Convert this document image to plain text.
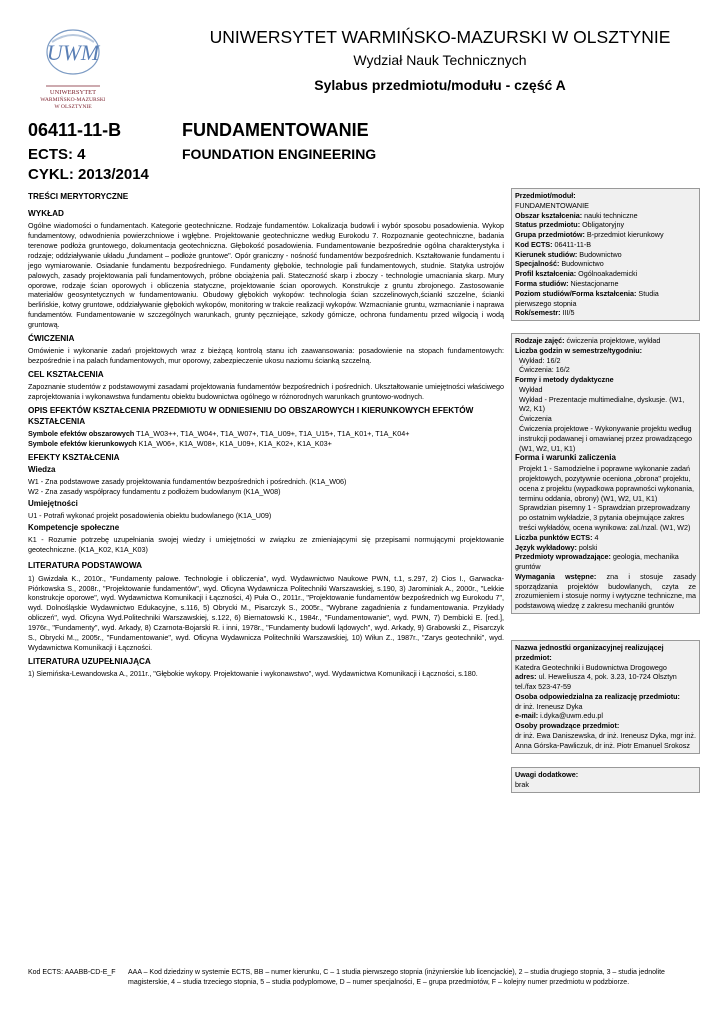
UWM
UNIWERSYTET
WARMIŃSKO-MAZURSKI
W OLSZTYNIE
UNIWERSYTET WARMIŃSKO-MAZURSKI W OLSZTYNIE
Wydział Nauk Technicznych
Sylabus przedmiotu/modułu - część A
06411-11-B
ECTS: 4
CYKL: 2013/2014
FUNDAMENTOWANIE
FOUNDATION ENGINEERING
TREŚCI MERYTORYCZNE
WYKŁAD

Ogólne wiadomości o fundamentach. Kategorie geotechniczne. Rodzaje fundamentów. Lokalizacja budowli i wybór sposobu posadowienia. Wykop fundamentowy, odwodnienia powierzchniowe i wgłębne. Projektowanie geotechniczne według Eurokodu 7. Rozpoznanie geotechniczne, badania terenowe podłoża gruntowego, dokumentacja geotechniczna. Głębokość posadowienia. Fundamentowanie bezpośrednie ogólna charakterystyka i rodzaje; oddziaływanie układu „fundament – podłoże gruntowe". Opór graniczny - nośność fundamentów bezpośrednich. Kształtowanie fundamentu i jego wymiarowanie. Osiadanie fundamentu bezpośredniego. Fundamenty głębokie, technologie pali fundamentowych, studnie. Statyka ustrojów palowych, zasady projektowania pali fundamentowych, próbne obciążenia pali. Stateczność skarp i zboczy - technologie umacniania skarp. Mury oporowe, rodzaje ścian oporowych i obliczenia statyczne, projektowanie ścian oporowych. Konstrukcje z gruntu zbrojonego. Zastosowanie materiałów geosyntetycznych w fundamentowaniu. Obudowy głębokich wykopów: technologia ścian szczelinowych,ścianki szczelne, ścianki berlińskie, kotwy gruntowe, oddziaływanie głębokich wykopów, monitoring w trakcie realizacji wykopów. Wzmacnianie gruntu, wzmacnianie i naprawa fundamentów. Fundamentowanie w szczególnych warunkach, grunty pęczniejące, szkody górnicze, ochrona fundamentu przed wilgocią i wodą gruntową.

ĆWICZENIA

Omówienie i wykonanie zadań projektowych wraz z bieżącą kontrolą stanu ich zaawansowania: posadowienie na stopach fundamentowych: bezpośrednie i na palach fundamentowych, mur oporowy, zabezpieczenie ukosu naziomu ścianką szczelną.

CEL KSZTAŁCENIA

Zapoznanie studentów z podstawowymi zasadami projektowania fundamentów bezpośrednich i pośrednich. Ukształtowanie umiejętności właściwego zaprojektowania i wykonawstwa fundamentu obiektu budownictwa ogólnego w różnorodnych warunkach gruntowo-wodnych.

OPIS EFEKTÓW KSZTAŁCENIA PRZEDMIOTU W ODNIESIENIU DO OBSZAROWYCH I KIERUNKOWYCH EFEKTÓW KSZTAŁCENIA
Symbole efektów obszarowych T1A_W03++, T1A_W04+, T1A_W07+, T1A_U09+, T1A_U15+, T1A_K01+, T1A_K04+
Symbole efektów kierunkowych K1A_W06+, K1A_W08+, K1A_U09+, K1A_K02+, K1A_K03+
EFEKTY KSZTAŁCENIA
Wiedza
W1 - Zna podstawowe zasady projektowania fundamentów bezpośrednich i pośrednich. (K1A_W06)
W2 - Zna zasady współpracy fundamentu z podłożem budowlanym (K1A_W08)
Umiejętności
U1 - Potrafi wykonać projekt posadowienia obiektu budowlanego (K1A_U09)
Kompetencje społeczne

K1 - Rozumie potrzebę uzupełniania swojej wiedzy i umiejętności w związku ze zmieniającymi się przepisami normującymi projektowanie geotechniczne. (K1A_K02, K1A_K03)

LITERATURA PODSTAWOWA

1) Gwizdała K., 2010r., "Fundamenty palowe. Technologie i obliczenia", wyd. Wydawnictwo Naukowe PWN, t.1, s.297, 2) Cios I., Garwacka-Piórkowska S., 2008r., "Projektowanie fundamentów", wyd. Oficyna Wydawnicza Politechniki Warszawskiej, s.190, 3) Jarominiak A., 2000r., "Lekkie konstrukcje oporowe", wyd. Wydawnictwa Komunikacji i Łączności, 4) Puła O., 2011r., "Projektowanie fundamentów bezpośrednich wg Eurokodu 7", wyd. Dolnośląskie Wydawnictwo Edukacyjne, s.116, 5) Obrycki M., Pisarczyk S., 2005r., "Wybrane zagadnienia z fundamentowania. Przykłady obliczeń", wyd. Oficyna Wyd.Politechniki Warszawskiej, s.122, 6) Biernatowski K., 1984r., "Fundamentowanie", wyd. PWN, 7) Dembicki E. [red.], 1976r., "Fundamenty", wyd. Arkady, 8) Czarnota-Bojarski R. i inni, 1978r., "Fundamenty budowli lądowych", wyd. Arkady, 9) Grabowski Z., Pisarczyk S., Obrycki M.,, 2005r., "Fundamentowanie", wyd. Oficyna Wydawnicza Politechniki Warszawskiej, 10) Wiłun Z., 1987r., "Zarys geotechniki", wyd. Wydawnictwa Komunikacji i Łączności.

LITERATURA UZUPEŁNIAJĄCA

1) Siemińska-Lewandowska A., 2011r., "Głębokie wykopy. Projektowanie i wykonawstwo", wyd. Wydawnictwa Komunikacji i Łączności, s.180.

Przedmiot/moduł:
FUNDAMENTOWANIE
Obszar kształcenia: nauki techniczne
Status przedmiotu: Obligatoryjny
Grupa przedmiotów: B-przedmiot kierunkowy
Kod ECTS: 06411-11-B
Kierunek studiów: Budownictwo
Specjalność: Budownictwo
Profil kształcenia: Ogólnoakademicki
Forma studiów: Niestacjonarne
Poziom studiów/Forma kształcenia: Studia pierwszego stopnia
Rok/semestr: III/5
Rodzaje zajęć: ćwiczenia projektowe, wykład
Liczba godzin w semestrze/tygodniu:
Wykład: 16/2
Ćwiczenia: 16/2
Formy i metody dydaktyczne
Wykład
Wykład - Prezentacje multimedialne, dyskusje. (W1, W2, K1)
Ćwiczenia
Ćwiczenia projektowe - Wykonywanie projektu według instrukcji podawanej i omawianej przez prowadzącego (W1, W2, U1, K1)
Forma i warunki zaliczenia
Projekt 1 - Samodzielne i poprawne wykonanie zadań projektowych, pozytywnie oceniona „obrona" projektu, ocena z projektu (wypadkowa poprawności wykonania, terminu oddania, obrony) (W1, W2, U1, K1)
Sprawdzian pisemny 1 - Sprawdzian przeprowadzany po ostatnim wykładzie, 3 pytania obejmujące zakres treści wykładów, ocena wynikowa: zal./nzal. (W1, W2)
Liczba punktów ECTS: 4
Język wykładowy: polski
Przedmioty wprowadzające: geologia, mechanika gruntów
Wymagania wstępne: zna i stosuje zasady sporządzania projektów budowlanych, czyta ze zrozumieniem i stosuje normy i wytyczne techniczne, ma podstawową wiedzę z zakresu mechaniki gruntów
Nazwa jednostki organizacyjnej realizującej przedmiot:
Katedra Geotechniki i Budownictwa Drogowego
adres: ul. Heweliusza 4, pok. 3.23, 10-724 Olsztyn
tel./fax 523-47-59
Osoba odpowiedzialna za realizację przedmiotu:
dr inż. Ireneusz Dyka
e-mail: i.dyka@uwm.edu.pl
Osoby prowadzące przedmiot:
dr inż. Ewa Daniszewska, dr inż. Ireneusz Dyka, mgr inż. Anna Górska-Pawliczuk, dr inż. Piotr Emanuel Srokosz
Uwagi dodatkowe:
brak
Kod ECTS: AAABB-CD-E_F	AAA – Kod dziedziny w systemie ECTS, BB – numer kierunku, C – 1 studia pierwszego stopnia (inżynierskie lub licencjackie), 2 – studia drugiego stopnia, 3 – studia jednolite magisterskie, 4 – studia trzeciego stopnia, 5 – studia podyplomowe, D – numer specjalności, E – grupa przedmiotów, F – kolejny numer przedmiotu w podzbiorze.
